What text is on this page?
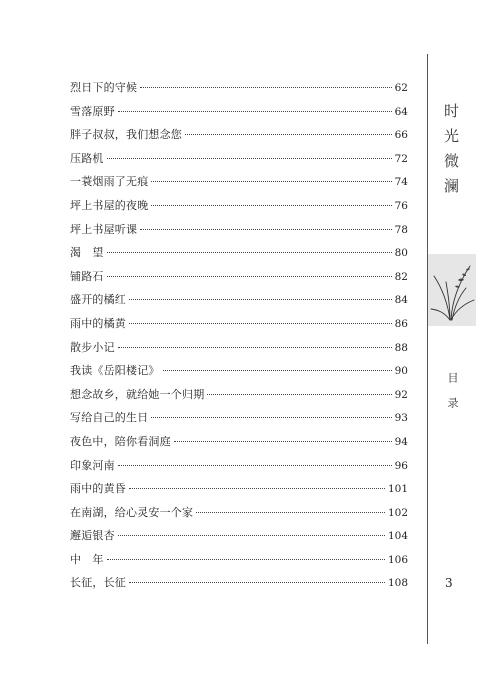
烈日下的守候	62
雪落原野	64
胖子叔叔，我们想念您	66
压路机	72
一蓑烟雨了无痕	74
坪上书屋的夜晚	76
坪上书屋听课	78
渴　望	80
铺路石	82
盛开的橘红	84
雨中的橘黄	86
散步小记	88
我读《岳阳楼记》	90
想念故乡，就给她一个归期	92
写给自己的生日	93
夜色中，陪你看洞庭	94
印象河南	96
雨中的黄昏	101
在南湖，给心灵安一个家	102
邂逅银杏	104
中　年	106
长征，长征	108
时光微澜
目录
3
